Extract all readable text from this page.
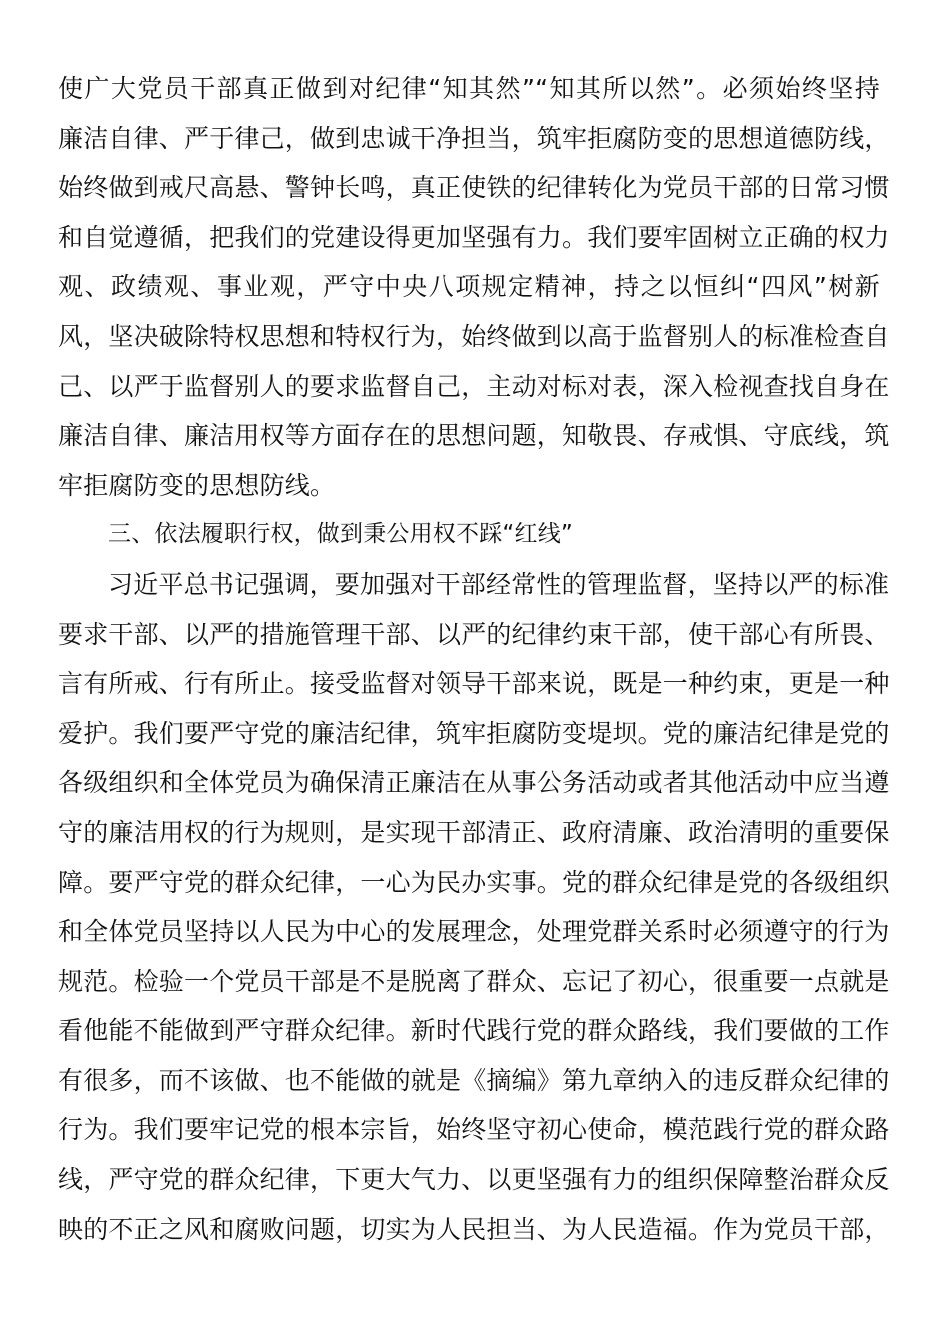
使广大党员干部真正做到对纪律“知其然”“知其所以然”。必须始终坚持
廉洁自律、严于律己，做到忠诚干净担当，筑牢拒腐防变的思想道德防线，
始终做到戒尺高悬、警钟长鸣，真正使铁的纪律转化为党员干部的日常习惯
和自觉遵循，把我们的党建设得更加坚强有力。我们要牢固树立正确的权力
观、政绩观、事业观，严守中央八项规定精神，持之以恒纠“四风”树新
风，坚决破除特权思想和特权行为，始终做到以高于监督别人的标准检查自
己、以严于监督别人的要求监督自己，主动对标对表，深入检视查找自身在
廉洁自律、廉洁用权等方面存在的思想问题，知敬畏、存戒惧、守底线，筑
牢拒腐防变的思想防线。
三、依法履职行权，做到秉公用权不踩“红线”
习近平总书记强调，要加强对干部经常性的管理监督，坚持以严的标准
要求干部、以严的措施管理干部、以严的纪律约束干部，使干部心有所畏、
言有所戒、行有所止。接受监督对领导干部来说，既是一种约束，更是一种
爱护。我们要严守党的廉洁纪律，筑牢拒腐防变堤坝。党的廉洁纪律是党的
各级组织和全体党员为确保清正廉洁在从事公务活动或者其他活动中应当遵
守的廉洁用权的行为规则，是实现干部清正、政府清廉、政治清明的重要保
障。要严守党的群众纪律，一心为民办实事。党的群众纪律是党的各级组织
和全体党员坚持以人民为中心的发展理念，处理党群关系时必须遵守的行为
规范。检验一个党员干部是不是脱离了群众、忘记了初心，很重要一点就是
看他能不能做到严守群众纪律。新时代践行党的群众路线，我们要做的工作
有很多，而不该做、也不能做的就是《摘编》第九章纳入的违反群众纪律的
行为。我们要牢记党的根本宗旨，始终坚守初心使命，模范践行党的群众路
线，严守党的群众纪律，下更大气力、以更坚强有力的组织保障整治群众反
映的不正之风和腐败问题，切实为人民担当、为人民造福。作为党员干部，
